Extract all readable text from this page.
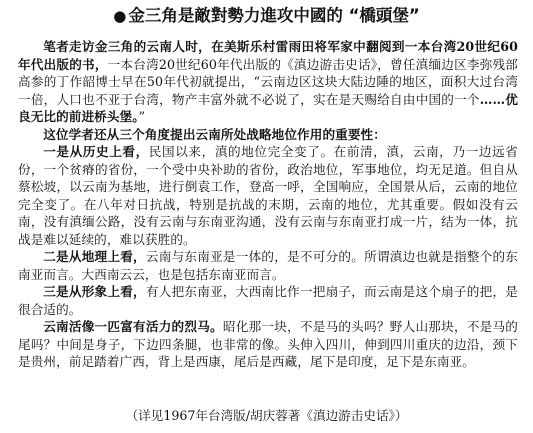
● 金三角是敵對勢力進攻中國的 “橋頭堡”

笔者走访金三角的云南人时，在美斯乐村雷雨田将军家中翻阅到一本台湾20世纪60年代出版的书，一本台湾20世纪60年代出版的《滇边游击史话》，曾任滇缅边区李弥残部高参的丁作韶博士早在50年代初就提出，“云南边区这块大陆边陲的地区，面积大过台湾一倍，人口也不亚于台湾，物产丰富外就不必说了，实在是天赐给自由中国的一个……优良无比的前进桥头堡。”

这位学者还从三个角度提出云南所处战略地位作用的重要性：

一是从历史上看，民国以来，滇的地位完全变了。在前清，滇，云南，乃一边远省份，一个贫瘠的省份，一个受中央补助的省份，政治地位，军事地位，均无足道。但自从蔡松坡，以云南为基地，进行倒袁工作，登高一呼，全国响应，全国景从后，云南的地位完全变了。在八年对日抗战，特别是抗战的末期，云南的地位，尤其重要。假如没有云南，没有滇缅公路，没有云南与东南亚沟通，没有云南与东南亚打成一片，结为一体，抗战是难以延续的，难以获胜的。

二是从地理上看，云南与东南亚是一体的，是不可分的。所谓滇边也就是指整个的东南亚而言。大西南云云，也是包括东南亚而言。

三是从形象上看，有人把东南亚，大西南比作一把扇子，而云南是这个扇子的把，是很合适的。

云南活像一匹富有活力的烈马。昭化那一块，不是马的头吗？野人山那块，不是马的尾吗？中间是身子，下边四条腿，也非常的像。头伸入四川，伸到四川重庆的边沿，颈下是贵州，前足踏着广西，背上是西康，尾后是西藏，尾下是印度，足下是东南亚。

（详见1967年台湾版/胡庆蓉著《滇边游击史话》）
